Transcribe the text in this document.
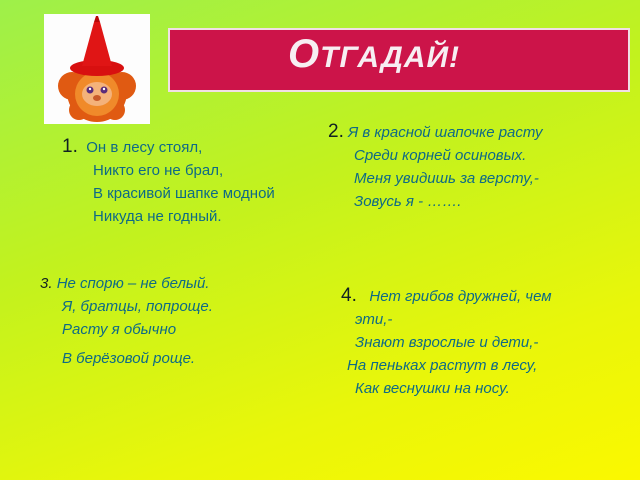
ОТГАДАЙ!
1. Он в лесу стоял,
Никто его не брал,
В красивой шапке модной
Никуда не годный.
2. Я в красной шапочке расту
Среди корней осиновых.
Меня увидишь за версту,-
Зовусь я - …….
3. Не спорю – не белый.
Я, братцы, попроще.
Расту я обычно
В берёзовой роще.
4. Нет грибов дружней, чем
эти,-
Знают взрослые и дети,-
На пеньках растут в лесу,
Как веснушки на носу.
